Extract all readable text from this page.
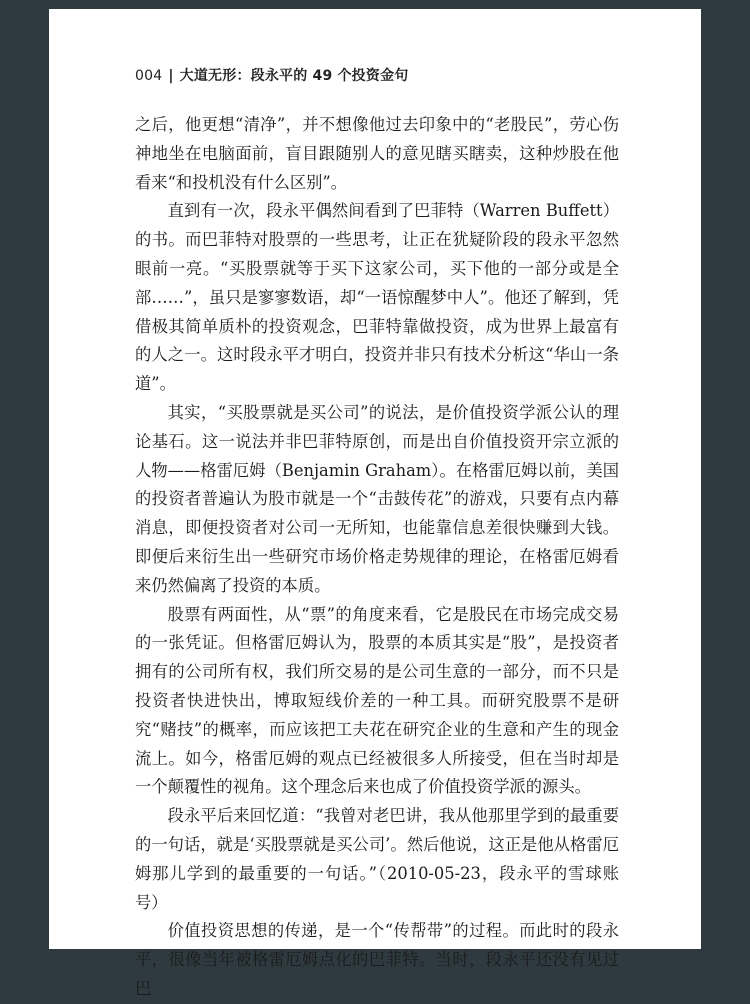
004 | 大道无形：段永平的 49 个投资金句

之后，他更想“清净”，并不想像他过去印象中的“老股民”，劳心伤神地坐在电脑面前，盲目跟随别人的意见瞎买瞎卖，这种炒股在他看来“和投机没有什么区别”。

直到有一次，段永平偶然间看到了巴菲特（Warren Buffett）的书。而巴菲特对股票的一些思考，让正在犹疑阶段的段永平忽然眼前一亮。“买股票就等于买下这家公司，买下他的一部分或是全部……”，虽只是寥寥数语，却“一语惊醒梦中人”。他还了解到，凭借极其简单质朴的投资观念，巴菲特靠做投资，成为世界上最富有的人之一。这时段永平才明白，投资并非只有技术分析这“华山一条道”。

其实，“买股票就是买公司”的说法，是价值投资学派公认的理论基石。这一说法并非巴菲特原创，而是出自价值投资开宗立派的人物——格雷厄姆（Benjamin Graham）。在格雷厄姆以前，美国的投资者普遍认为股市就是一个“击鼓传花”的游戏，只要有点内幕消息，即便投资者对公司一无所知，也能靠信息差很快赚到大钱。即便后来衍生出一些研究市场价格走势规律的理论，在格雷厄姆看来仍然偏离了投资的本质。

股票有两面性，从“票”的角度来看，它是股民在市场完成交易的一张凭证。但格雷厄姆认为，股票的本质其实是“股”，是投资者拥有的公司所有权，我们所交易的是公司生意的一部分，而不只是投资者快进快出，博取短线价差的一种工具。而研究股票不是研究“赌技”的概率，而应该把工夫花在研究企业的生意和产生的现金流上。如今，格雷厄姆的观点已经被很多人所接受，但在当时却是一个颠覆性的视角。这个理念后来也成了价值投资学派的源头。

段永平后来回忆道：“我曾对老巴讲，我从他那里学到的最重要的一句话，就是‘买股票就是买公司’。然后他说，这正是他从格雷厄姆那儿学到的最重要的一句话。”（2010-05-23，段永平的雪球账号）

价值投资思想的传递，是一个“传帮带”的过程。而此时的段永平，很像当年被格雷厄姆点化的巴菲特。当时，段永平还没有见过巴
